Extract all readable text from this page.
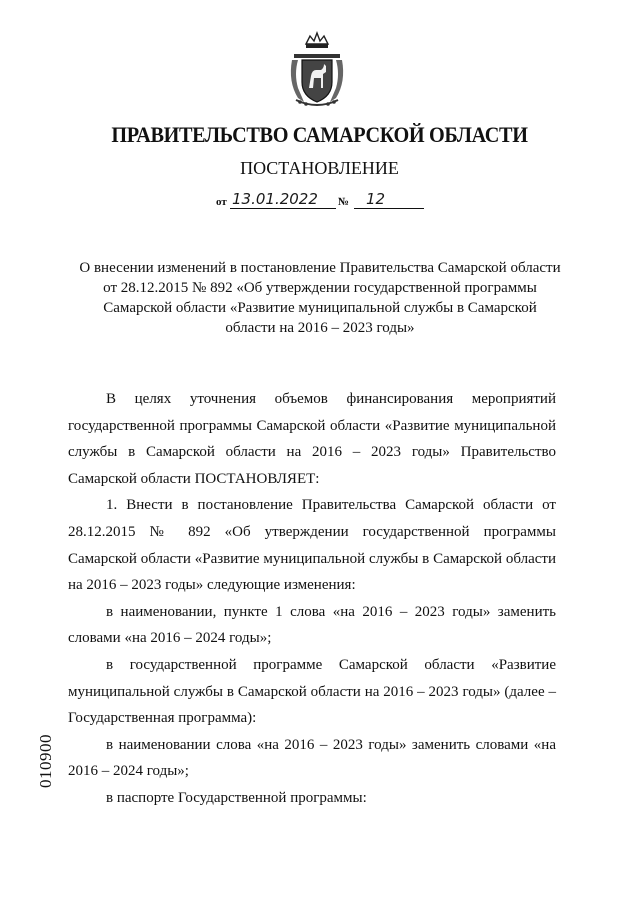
ПРАВИТЕЛЬСТВО САМАРСКОЙ ОБЛАСТИ
ПОСТАНОВЛЕНИЕ
от 13.01.2022 № 12
О внесении изменений в постановление Правительства Самарской области
от 28.12.2015 № 892 «Об утверждении государственной программы
Самарской области «Развитие муниципальной службы в Самарской
области на 2016 – 2023 годы»

В целях уточнения объемов финансирования мероприятий государственной программы Самарской области «Развитие муниципальной службы в Самарской области на 2016 – 2023 годы» Правительство Самарской области ПОСТАНОВЛЯЕТ:

1. Внести в постановление Правительства Самарской области от 28.12.2015 № 892 «Об утверждении государственной программы Самарской области «Развитие муниципальной службы в Самарской области на 2016 – 2023 годы» следующие изменения:

в наименовании, пункте 1 слова «на 2016 – 2023 годы» заменить словами «на 2016 – 2024 годы»;

в государственной программе Самарской области «Развитие муниципальной службы в Самарской области на 2016 – 2023 годы» (далее – Государственная программа):

в наименовании слова «на 2016 – 2023 годы» заменить словами «на 2016 – 2024 годы»;

в паспорте Государственной программы:

010900
